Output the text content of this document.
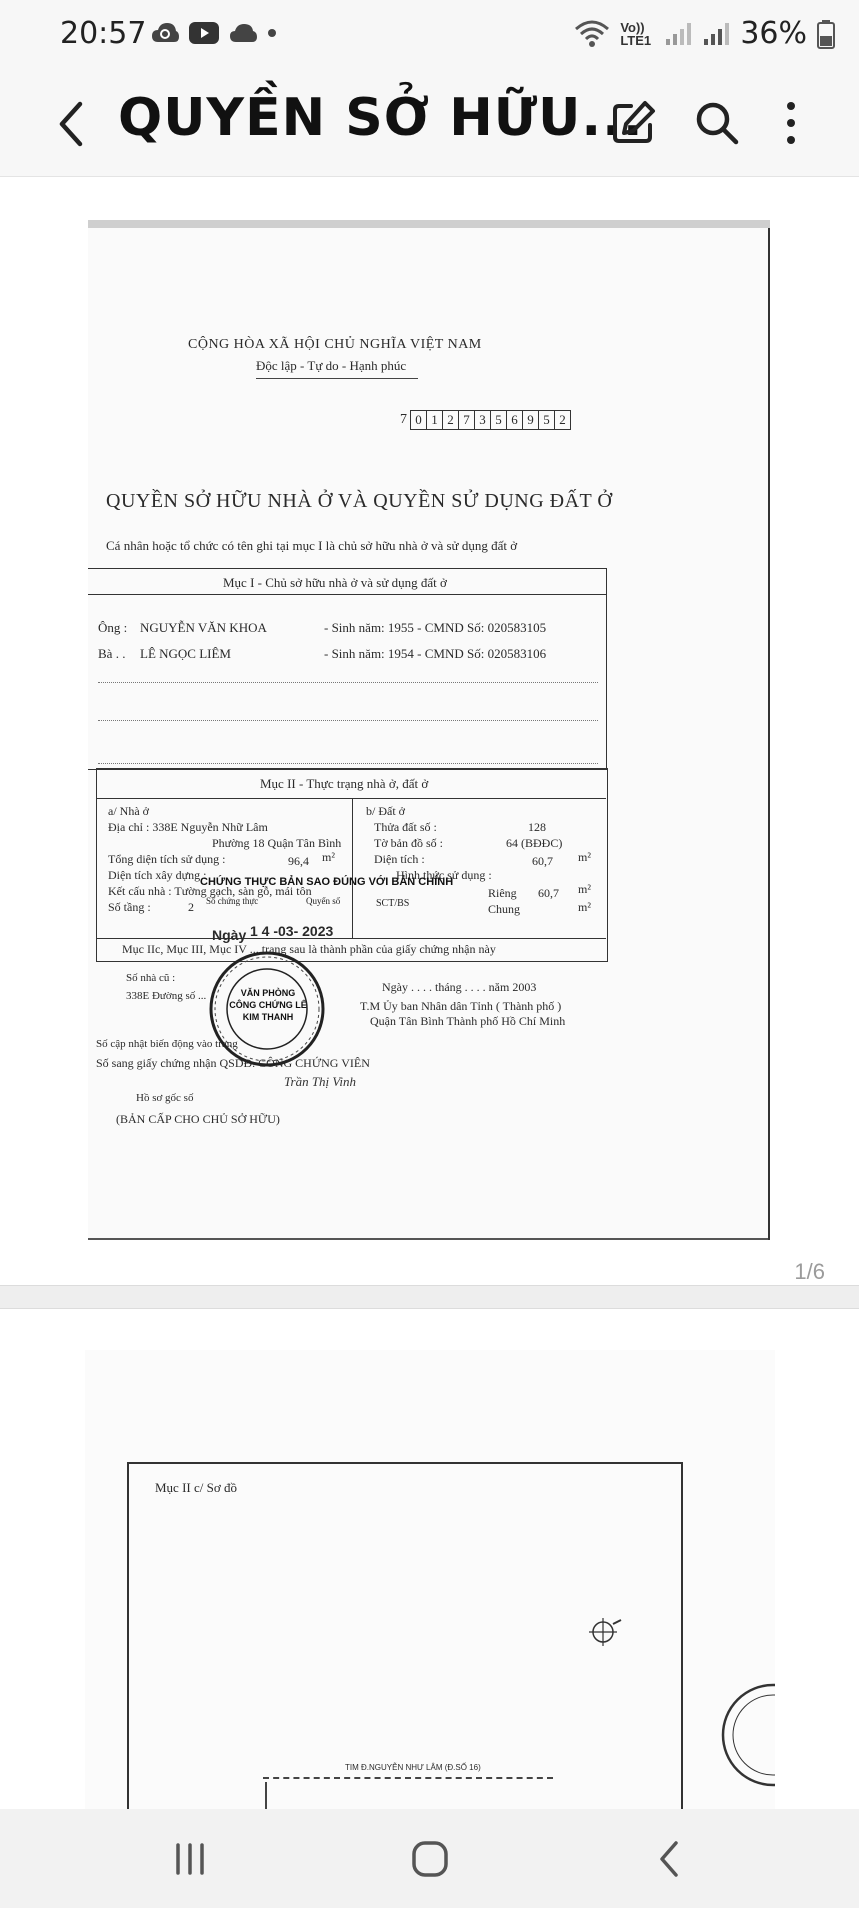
20:57	Vo)) LTE1	36%
QUYỀN SỞ HỮU...
CỘNG HÒA XÃ HỘI CHỦ NGHĨA VIỆT NAM
Độc lập - Tự do - Hạnh phúc
7 0 1 2 7 3 5 6 9 5 2
QUYỀN SỞ HỮU NHÀ Ở VÀ QUYỀN SỬ DỤNG ĐẤT Ở
Cá nhân hoặc tổ chức có tên ghi tại mục I là chủ sở hữu nhà ở và sử dụng đất ở
Mục I - Chủ sở hữu nhà ở và sử dụng đất ở
Ông : NGUYỄN VĂN KHOA	- Sinh năm: 1955 - CMND Số: 020583105
Bà . . LÊ NGỌC LIÊM	- Sinh năm: 1954 - CMND Số: 020583106
Mục II - Thực trạng nhà ở, đất ở
a/ Nhà ở
Địa chỉ : 338E Nguyễn Nhữ Lâm
Phường 18 Quận Tân Bình
Tổng diện tích sử dụng :	96,4 m²
Diện tích xây dựng :
Kết cấu nhà : Tường gạch, sàn gỗ, mái tôn
Số tầng :	2
b/ Đất ở
Thửa đất số :	128
Tờ bản đồ số :	64 (BĐĐC)
Diện tích :	60,7 m²
Hình thức sử dụng :
Riêng 60,7 m²
Chung	m²
CHỨNG THỰC BẢN SAO ĐÚNG VỚI BẢN CHÍNH
Số chứng thực	Quyển số	SCT/BS
Ngày 1 4 -03- 2023
Mục IIc, Mục III, Mục IV ... trang sau là thành phần của giấy chứng nhận này
Số nhà cũ :
338E Đường số ...
Ngày . . . . tháng . . . . năm 2003
T.M Ủy ban Nhân dân Tỉnh ( Thành phố )
Quận Tân Bình Thành phố Hồ Chí Minh
Số cập nhật biến động vào trang
Số sang giấy chứng nhận QSDĐ. CÔNG CHỨNG VIÊN
Trần Thị Vinh
Hồ sơ gốc số
(BẢN CẤP CHO CHỦ SỞ HỮU)
VĂN PHÒNG CÔNG CHỨNG LÊ KIM THANH
1/6
Mục II c/ Sơ đồ
TIM Đ.NGUYỄN NHƯ LÂM (Đ.SỐ 16)
